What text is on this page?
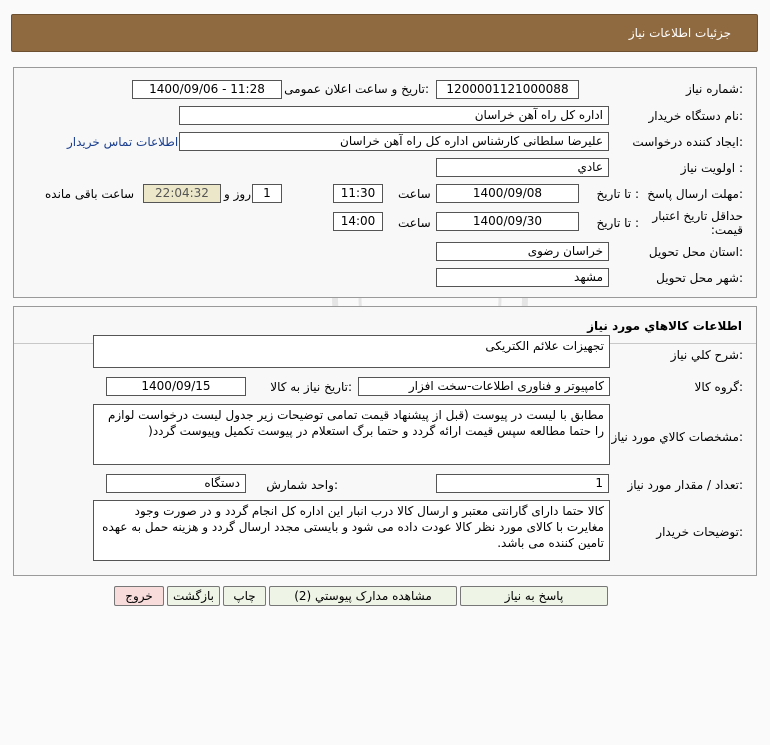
جزئیات اطلاعات نیاز
شماره نیاز:
1200001121000088
تاریخ و ساعت اعلان عمومی:
1400/09/06 - 11:28
نام دستگاه خریدار:
اداره کل راه آهن خراسان
ایجاد کننده درخواست:
علیرضا سلطانی کارشناس اداره کل راه آهن خراسان
اطلاعات تماس خریدار
اولویت نیاز :
عادي
مهلت ارسال پاسخ:
تا تاریخ :
1400/09/08
ساعت
11:30
1
روز و
22:04:32
ساعت باقی مانده
حداقل تاریخ اعتبار قیمت:
تا تاریخ :
1400/09/30
ساعت
14:00
استان محل تحویل:
خراسان رضوی
شهر محل تحویل:
مشهد
اطلاعات کالاهاي مورد نياز
شرح کلي نياز:
تجهیزات علائم الکتریکی
گروه کالا:
کامپیوتر و فناوری اطلاعات-سخت افزار
تاریخ نیاز به کالا:
1400/09/15
مشخصات کالاي مورد نياز:
مطابق با لیست در پیوست (قبل از پیشنهاد قیمت تمامی توضیحات زیر جدول لیست درخواست لوازم را حتما مطالعه سپس قیمت ارائه گردد و حتما برگ استعلام در پیوست تکمیل وپیوست گردد(
تعداد / مقدار مورد نیاز:
1
واحد شمارش:
دستگاه
توضیحات خریدار:
کالا حتما دارای گارانتی معتبر و ارسال کالا درب انبار این اداره کل انجام گردد و در صورت وجود مغایرت با کالای مورد نظر کالا عودت داده می شود و بایستی مجدد ارسال گردد و هزینه حمل به عهده تامین کننده می باشد.
پاسخ به نیاز
مشاهده مدارک پیوستي (2)
چاپ
بازگشت
خروج
